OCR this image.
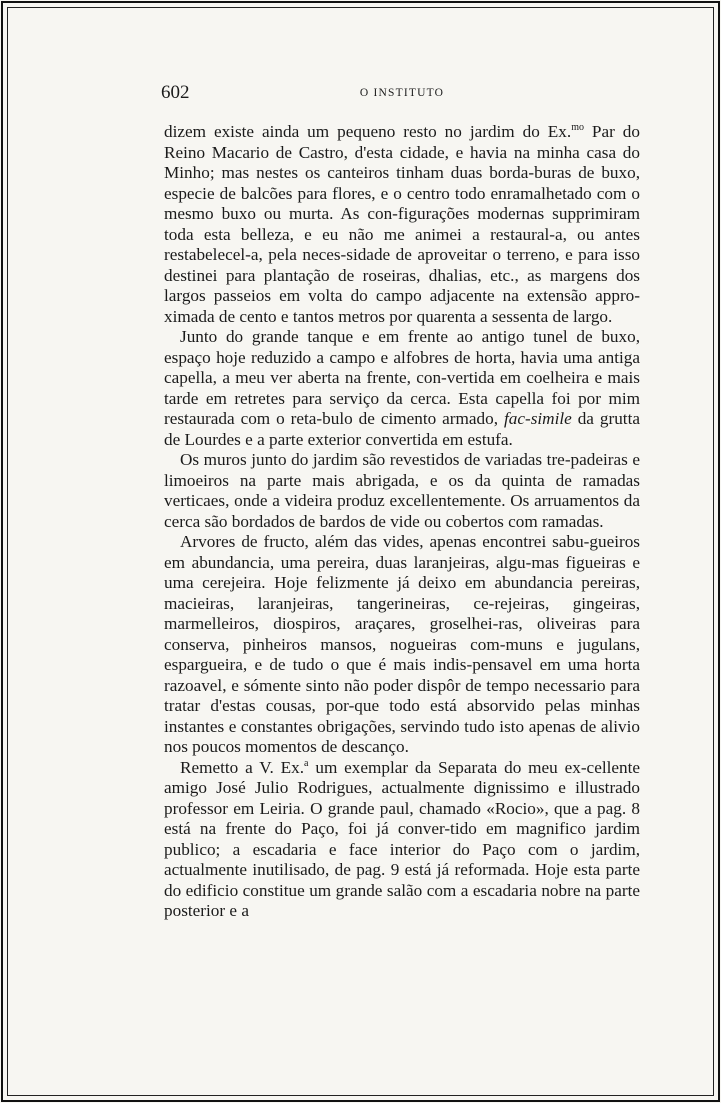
602	O INSTITUTO

dizem existe ainda um pequeno resto no jardim do Ex.$^{mo}$ Par do Reino Macario de Castro, d'esta cidade, e havia na minha casa do Minho; mas nestes os canteiros tinham duas borda-buras de buxo, especie de balcões para flores, e o centro todo enramalhetado com o mesmo buxo ou murta. As con-figurações modernas supprimiram toda esta belleza, e eu não me animei a restaural-a, ou antes restabelecel-a, pela neces-sidade de aproveitar o terreno, e para isso destinei para plantação de roseiras, dhalias, etc., as margens dos largos passeios em volta do campo adjacente na extensão appro-ximada de cento e tantos metros por quarenta a sessenta de largo.

Junto do grande tanque e em frente ao antigo tunel de buxo, espaço hoje reduzido a campo e alfobres de horta, havia uma antiga capella, a meu ver aberta na frente, con-vertida em coelheira e mais tarde em retretes para serviço da cerca. Esta capella foi por mim restaurada com o reta-bulo de cimento armado, fac-simile da grutta de Lourdes e a parte exterior convertida em estufa.

Os muros junto do jardim são revestidos de variadas tre-padeiras e limoeiros na parte mais abrigada, e os da quinta de ramadas verticaes, onde a videira produz excellentemente. Os arruamentos da cerca são bordados de bardos de vide ou cobertos com ramadas.

Arvores de fructo, além das vides, apenas encontrei sabu-gueiros em abundancia, uma pereira, duas laranjeiras, algu-mas figueiras e uma cerejeira. Hoje felizmente já deixo em abundancia pereiras, macieiras, laranjeiras, tangerineiras, ce-rejeiras, gingeiras, marmelleiros, diospiros, araçares, groselhei-ras, oliveiras para conserva, pinheiros mansos, nogueiras com-muns e jugulans, espargueira, e de tudo o que é mais indis-pensavel em uma horta razoavel, e sómente sinto não poder dispôr de tempo necessario para tratar d'estas cousas, por-que todo está absorvido pelas minhas instantes e constantes obrigações, servindo tudo isto apenas de alivio nos poucos momentos de descanço.

Remetto a V. Ex.$^a$ um exemplar da Separata do meu ex-cellente amigo José Julio Rodrigues, actualmente dignissimo e illustrado professor em Leiria. O grande paul, chamado «Rocio», que a pag. 8 está na frente do Paço, foi já conver-tido em magnifico jardim publico; a escadaria e face interior do Paço com o jardim, actualmente inutilisado, de pag. 9 está já reformada. Hoje esta parte do edificio constitue um grande salão com a escadaria nobre na parte posterior e a
